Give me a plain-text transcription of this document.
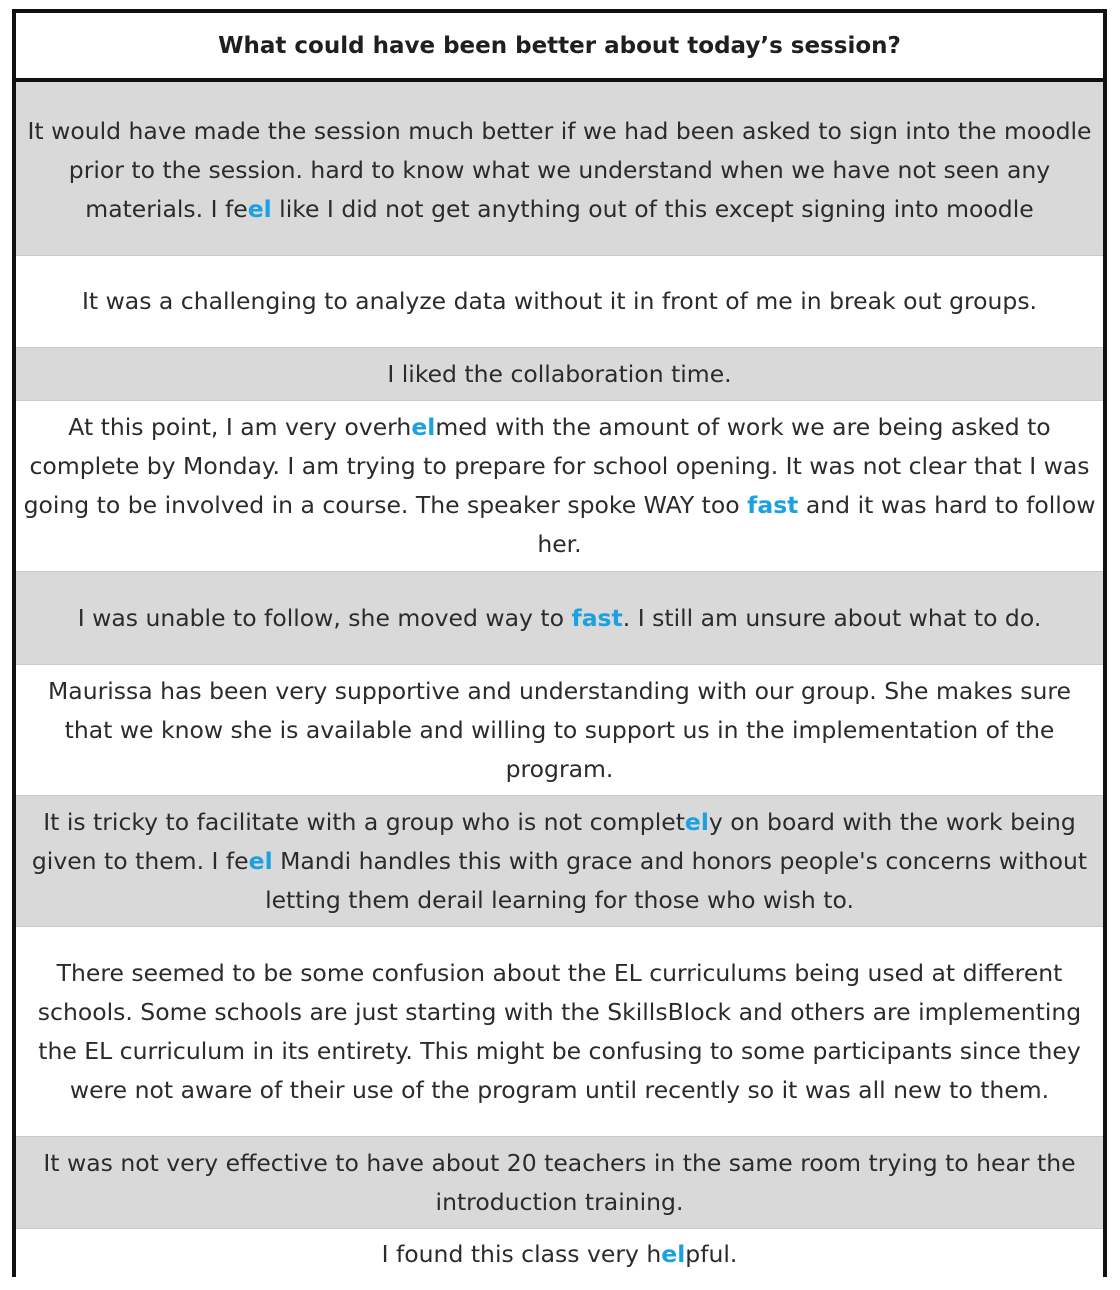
What could have been better about today’s session?
It would have made the session much better if we had been asked to sign into the moodle prior to the session. hard to know what we understand when we have not seen any materials. I feel like I did not get anything out of this except signing into moodle
It was a challenging to analyze data without it in front of me in break out groups.
I liked the collaboration time.
At this point, I am very overhelmed with the amount of work we are being asked to complete by Monday. I am trying to prepare for school opening. It was not clear that I was going to be involved in a course. The speaker spoke WAY too fast and it was hard to follow her.
I was unable to follow, she moved way to fast. I still am unsure about what to do.
Maurissa has been very supportive and understanding with our group. She makes sure that we know she is available and willing to support us in the implementation of the program.
It is tricky to facilitate with a group who is not completely on board with the work being given to them. I feel Mandi handles this with grace and honors people's concerns without letting them derail learning for those who wish to.
There seemed to be some confusion about the EL curriculums being used at different schools. Some schools are just starting with the SkillsBlock and others are implementing the EL curriculum in its entirety. This might be confusing to some participants since they were not aware of their use of the program until recently so it was all new to them.
It was not very effective to have about 20 teachers in the same room trying to hear the introduction training.
I found this class very helpful.
